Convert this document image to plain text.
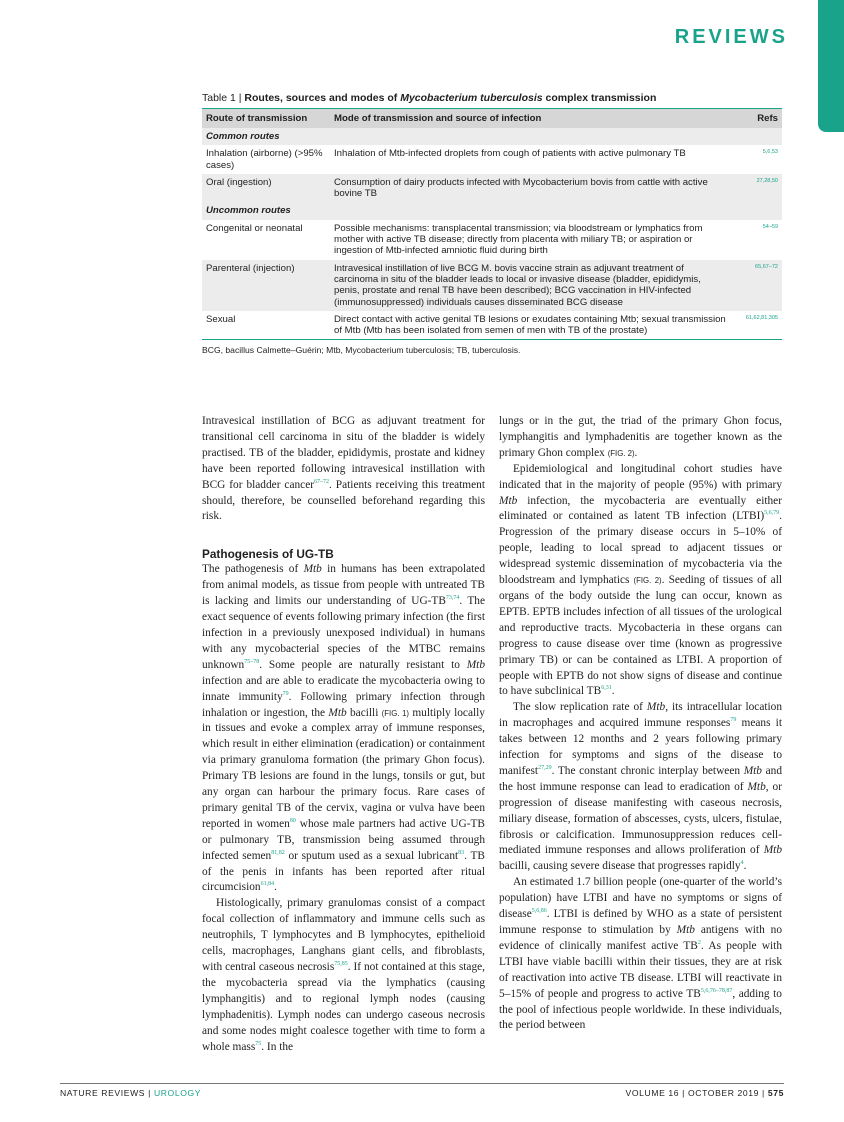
REVIEWS
Table 1 | Routes, sources and modes of Mycobacterium tuberculosis complex transmission
Route of transmission	Mode of transmission and source of infection	Refs
Common routes		
Inhalation (airborne) (>95% cases)	Inhalation of Mtb-infected droplets from cough of patients with active pulmonary TB	5,6,53
Oral (ingestion)	Consumption of dairy products infected with Mycobacterium bovis from cattle with active bovine TB	27,28,50
Uncommon routes		
Congenital or neonatal	Possible mechanisms: transplacental transmission; via bloodstream or lymphatics from mother with active TB disease; directly from placenta with miliary TB; or aspiration or ingestion of Mtb-infected amniotic fluid during birth	54–59
Parenteral (injection)	Intravesical instillation of live BCG M. bovis vaccine strain as adjuvant treatment of carcinoma in situ of the bladder leads to local or invasive disease (bladder, epididymis, penis, prostate and renal TB have been described); BCG vaccination in HIV-infected (immunosuppressed) individuals causes disseminated BCG disease	65,67–72
Sexual	Direct contact with active genital TB lesions or exudates containing Mtb; sexual transmission of Mtb (Mtb has been isolated from semen of men with TB of the prostate)	61,62,81,305
BCG, bacillus Calmette–Guérin; Mtb, Mycobacterium tuberculosis; TB, tuberculosis.

Intravesical instillation of BCG as adjuvant treatment for transitional cell carcinoma in situ of the bladder is widely practised. TB of the bladder, epididymis, prostate and kidney have been reported following intravesical instillation with BCG for bladder cancer$^{67-72}$. Patients receiving this treatment should, therefore, be counselled beforehand regarding this risk.

Pathogenesis of UG-TB

The pathogenesis of Mtb in humans has been extrapolated from animal models, as tissue from people with untreated TB is lacking and limits our understanding of UG-TB$^{73,74}$. The exact sequence of events following primary infection (the first infection in a previously unexposed individual) in humans with any mycobacterial species of the MTBC remains unknown$^{75-78}$. Some people are naturally resistant to Mtb infection and are able to eradicate the mycobacteria owing to innate immunity$^{79}$. Following primary infection through inhalation or ingestion, the Mtb bacilli (FIG. 1) multiply locally in tissues and evoke a complex array of immune responses, which result in either elimination (eradication) or containment via primary granuloma formation (the primary Ghon focus). Primary TB lesions are found in the lungs, tonsils or gut, but any organ can harbour the primary focus. Rare cases of primary genital TB of the cervix, vagina or vulva have been reported in women$^{80}$ whose male partners had active UG-TB or pulmonary TB, transmission being assumed through infected semen$^{81,82}$ or sputum used as a sexual lubricant$^{83}$. TB of the penis in infants has been reported after ritual circumcision$^{61,84}$.

Histologically, primary granulomas consist of a compact focal collection of inflammatory and immune cells such as neutrophils, T lymphocytes and B lymphocytes, epithelioid cells, macrophages, Langhans giant cells, and fibroblasts, with central caseous necrosis$^{75,85}$. If not contained at this stage, the mycobacteria spread via the lymphatics (causing lymphangitis) and to regional lymph nodes (causing lymphadenitis). Lymph nodes can undergo caseous necrosis and some nodes might coalesce together with time to form a whole mass$^{75}$. In the

lungs or in the gut, the triad of the primary Ghon focus, lymphangitis and lymphadenitis are together known as the primary Ghon complex (FIG. 2).

Epidemiological and longitudinal cohort studies have indicated that in the majority of people (95%) with primary Mtb infection, the mycobacteria are eventually either eliminated or contained as latent TB infection (LTBI)$^{5,6,79}$. Progression of the primary disease occurs in 5–10% of people, leading to local spread to adjacent tissues or widespread systemic dissemination of mycobacteria via the bloodstream and lymphatics (FIG. 2). Seeding of tissues of all organs of the body outside the lung can occur, known as EPTB. EPTB includes infection of all tissues of the urological and reproductive tracts. Mycobacteria in these organs can progress to cause disease over time (known as progressive primary TB) or can be contained as LTBI. A proportion of people with EPTB do not show signs of disease and continue to have subclinical TB$^{6,31}$.

The slow replication rate of Mtb, its intracellular location in macrophages and acquired immune responses$^{79}$ means it takes between 12 months and 2 years following primary infection for symptoms and signs of the disease to manifest$^{27,29}$. The constant chronic interplay between Mtb and the host immune response can lead to eradication of Mtb, or progression of disease manifesting with caseous necrosis, miliary disease, formation of abscesses, cysts, ulcers, fistulae, fibrosis or calcification. Immunosuppression reduces cell-mediated immune responses and allows proliferation of Mtb bacilli, causing severe disease that progresses rapidly$^4$.

An estimated 1.7 billion people (one-quarter of the world’s population) have LTBI and have no symptoms or signs of disease$^{5,6,86}$. LTBI is defined by WHO as a state of persistent immune response to stimulation by Mtb antigens with no evidence of clinically manifest active $TB^2$. As people with LTBI have viable bacilli within their tissues, they are at risk of reactivation into active TB disease. LTBI will reactivate in 5–15% of people and progress to active TB$^{5,6,76-78,87}$, adding to the pool of infectious people worldwide. In these individuals, the period between

NATURE REVIEWS | UROLOGY	VOLUME 16 | OCTOBER 2019 | 575
